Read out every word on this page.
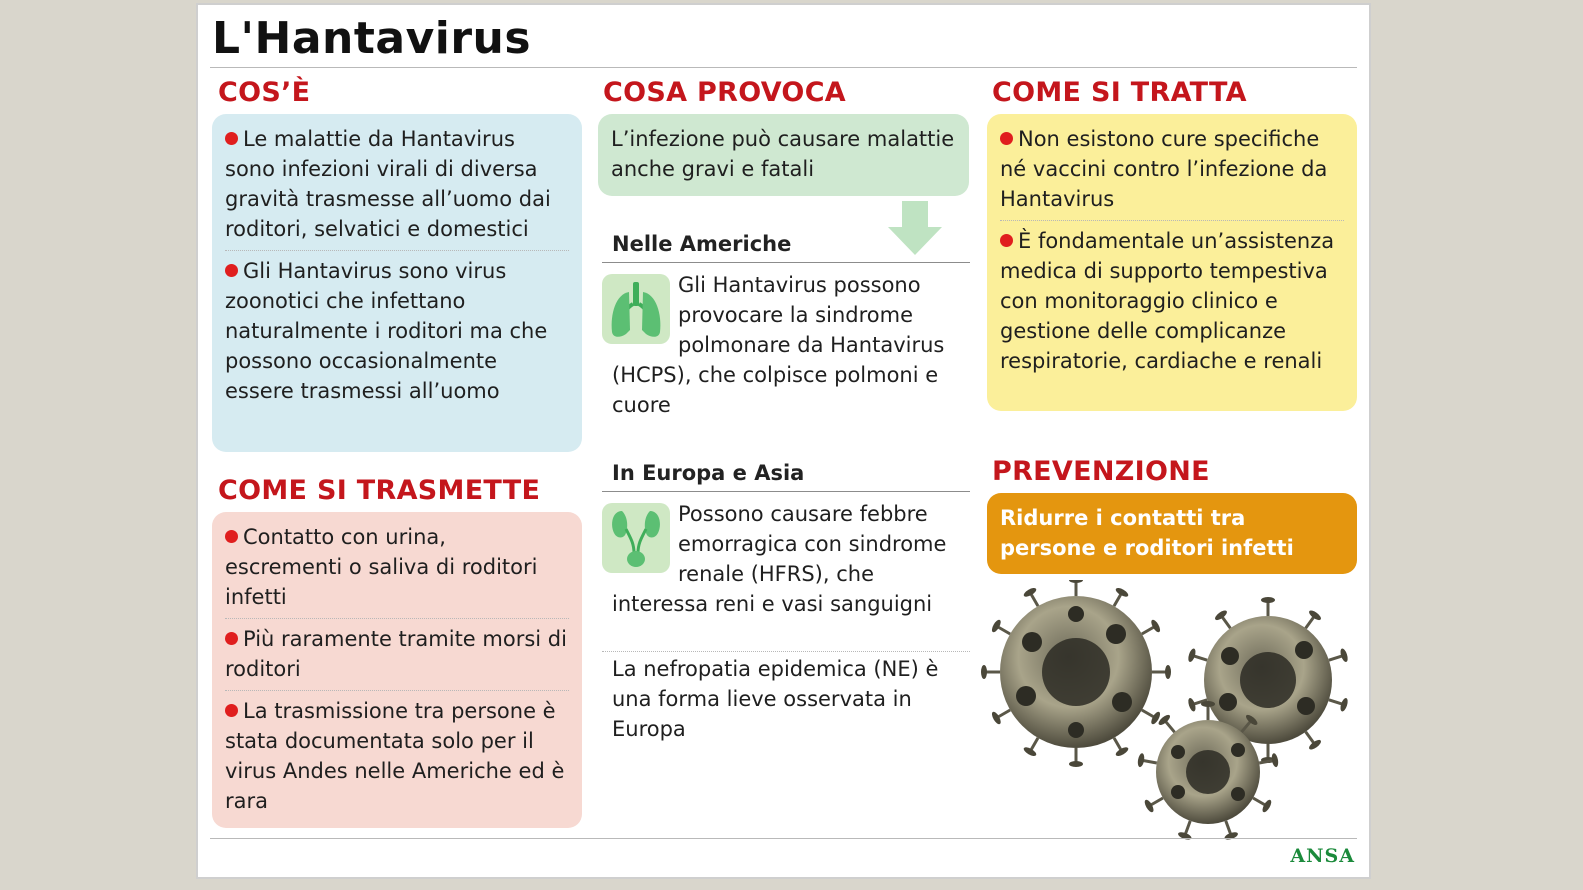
L'Hantavirus
COS’È
Le malattie da Hantavirus sono infezioni virali di diversa gravità trasmesse all’uomo dai roditori, selvatici e domestici
Gli Hantavirus sono virus zoonotici che infettano naturalmente i roditori ma che possono occasionalmente essere trasmessi all’uomo
COME SI TRASMETTE
Contatto con urina, escrementi o saliva di roditori infetti
Più raramente tramite morsi di roditori
La trasmissione tra persone è stata documentata solo per il virus Andes nelle Americhe ed è rara
COSA PROVOCA
L’infezione può causare malattie anche gravi e fatali
Nelle Americhe
Gli Hantavirus possono provocare la sindrome polmonare da Hantavirus (HCPS), che colpisce polmoni e cuore
In Europa e Asia
Possono causare febbre emorragica con sindrome renale (HFRS), che interessa reni e vasi sanguigni
La nefropatia epidemica (NE) è una forma lieve osservata in Europa
COME SI TRATTA
Non esistono cure specifiche né vaccini contro l’infezione da Hantavirus
È fondamentale un’assistenza medica di supporto tempestiva con monitoraggio clinico e gestione delle complicanze respiratorie, cardiache e renali
PREVENZIONE
Ridurre i contatti tra persone e roditori infetti
ANSA
